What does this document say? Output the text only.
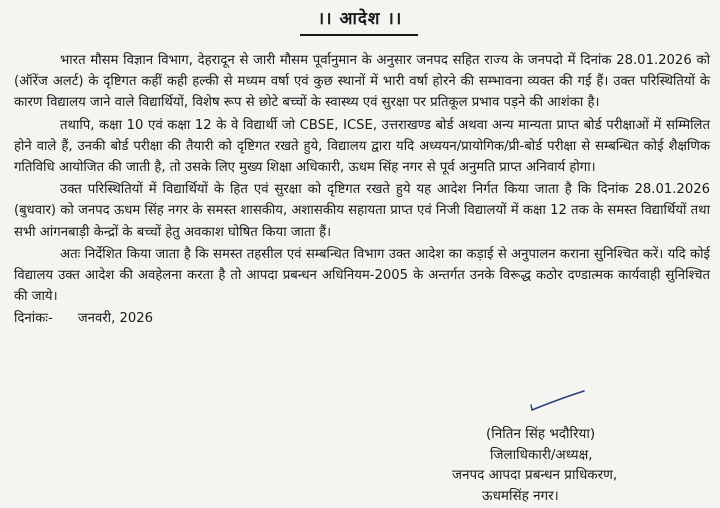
।। आदेश ।।

भारत मौसम विज्ञान विभाग, देहरादून से जारी मौसम पूर्वानुमान के अनुसार जनपद सहित राज्य के जनपदो में दिनांक 28.01.2026 को (ऑरेंज अलर्ट) के दृष्टिगत कहीं कही हल्की से मध्यम वर्षा एवं कुछ स्थानों में भारी वर्षा होरने की सम्भावना व्यक्त की गई हैं। उक्त परिस्थितियों के कारण विद्यालय जाने वाले विद्यार्थियों, विशेष रूप से छोटे बच्चों के स्वास्थ्य एवं सुरक्षा पर प्रतिकूल प्रभाव पड़ने की आशंका है।

तथापि, कक्षा 10 एवं कक्षा 12 के वे विद्यार्थी जो CBSE, ICSE, उत्तराखण्ड बोर्ड अथवा अन्य मान्यता प्राप्त बोर्ड परीक्षाओं में सम्मिलित होने वाले हैं, उनकी बोर्ड परीक्षा की तैयारी को दृष्टिगत रखते हुये, विद्यालय द्वारा यदि अध्ययन/प्रायोगिक/प्री-बोर्ड परीक्षा से सम्बन्धित कोई शैक्षणिक गतिविधि आयोजित की जाती है, तो उसके लिए मुख्य शिक्षा अधिकारी, ऊधम सिंह नगर से पूर्व अनुमति प्राप्त अनिवार्य होगा।

उक्त परिस्थितियों में विद्यार्थियों के हित एवं सुरक्षा को दृष्टिगत रखते हुये यह आदेश निर्गत किया जाता है कि दिनांक 28.01.2026 (बुधवार) को जनपद ऊधम सिंह नगर के समस्त शासकीय, अशासकीय सहायता प्राप्त एवं निजी विद्यालयों में कक्षा 12 तक के समस्त विद्यार्थियों तथा सभी आंगनबाड़ी केन्द्रों के बच्चों हेतु अवकाश घोषित किया जाता हैं।

अतः निर्देशित किया जाता है कि समस्त तहसील एवं सम्बन्धित विभाग उक्त आदेश का कड़ाई से अनुपालन कराना सुनिश्चित करें। यदि कोई विद्यालय उक्त आदेश की अवहेलना करता है तो आपदा प्रबन्धन अधिनियम-2005 के अन्तर्गत उनके विरूद्ध कठोर दण्डात्मक कार्यवाही सुनिश्चित की जाये।

दिनांकः-      जनवरी, 2026

(नितिन सिंह भदौरिया)
जिलाधिकारी/अध्यक्ष,
जनपद आपदा प्रबन्धन प्राधिकरण,
ऊधमसिंह नगर।
